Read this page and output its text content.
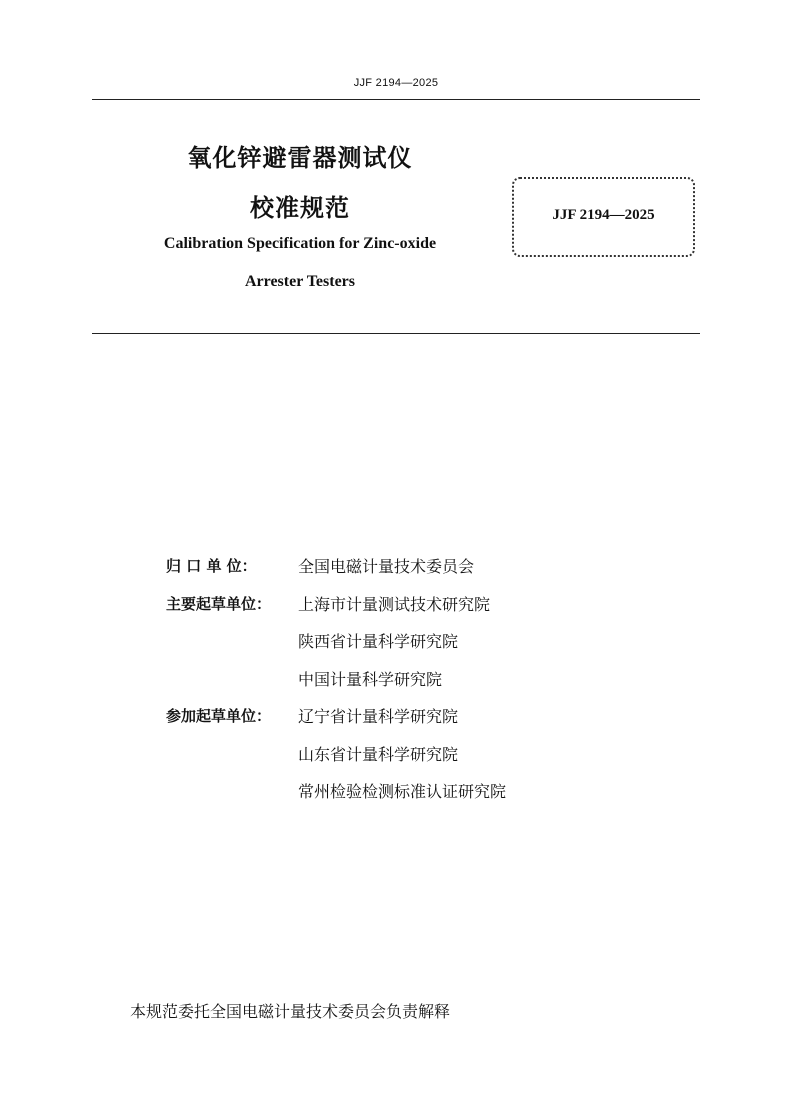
JJF 2194—2025
氧化锌避雷器测试仪
校准规范
Calibration Specification for Zinc-oxide
Arrester Testers
JJF 2194—2025
归 口 单 位：	全国电磁计量技术委员会
主要起草单位：	上海市计量测试技术研究院
陕西省计量科学研究院
中国计量科学研究院
参加起草单位：	辽宁省计量科学研究院
山东省计量科学研究院
常州检验检测标准认证研究院
本规范委托全国电磁计量技术委员会负责解释
